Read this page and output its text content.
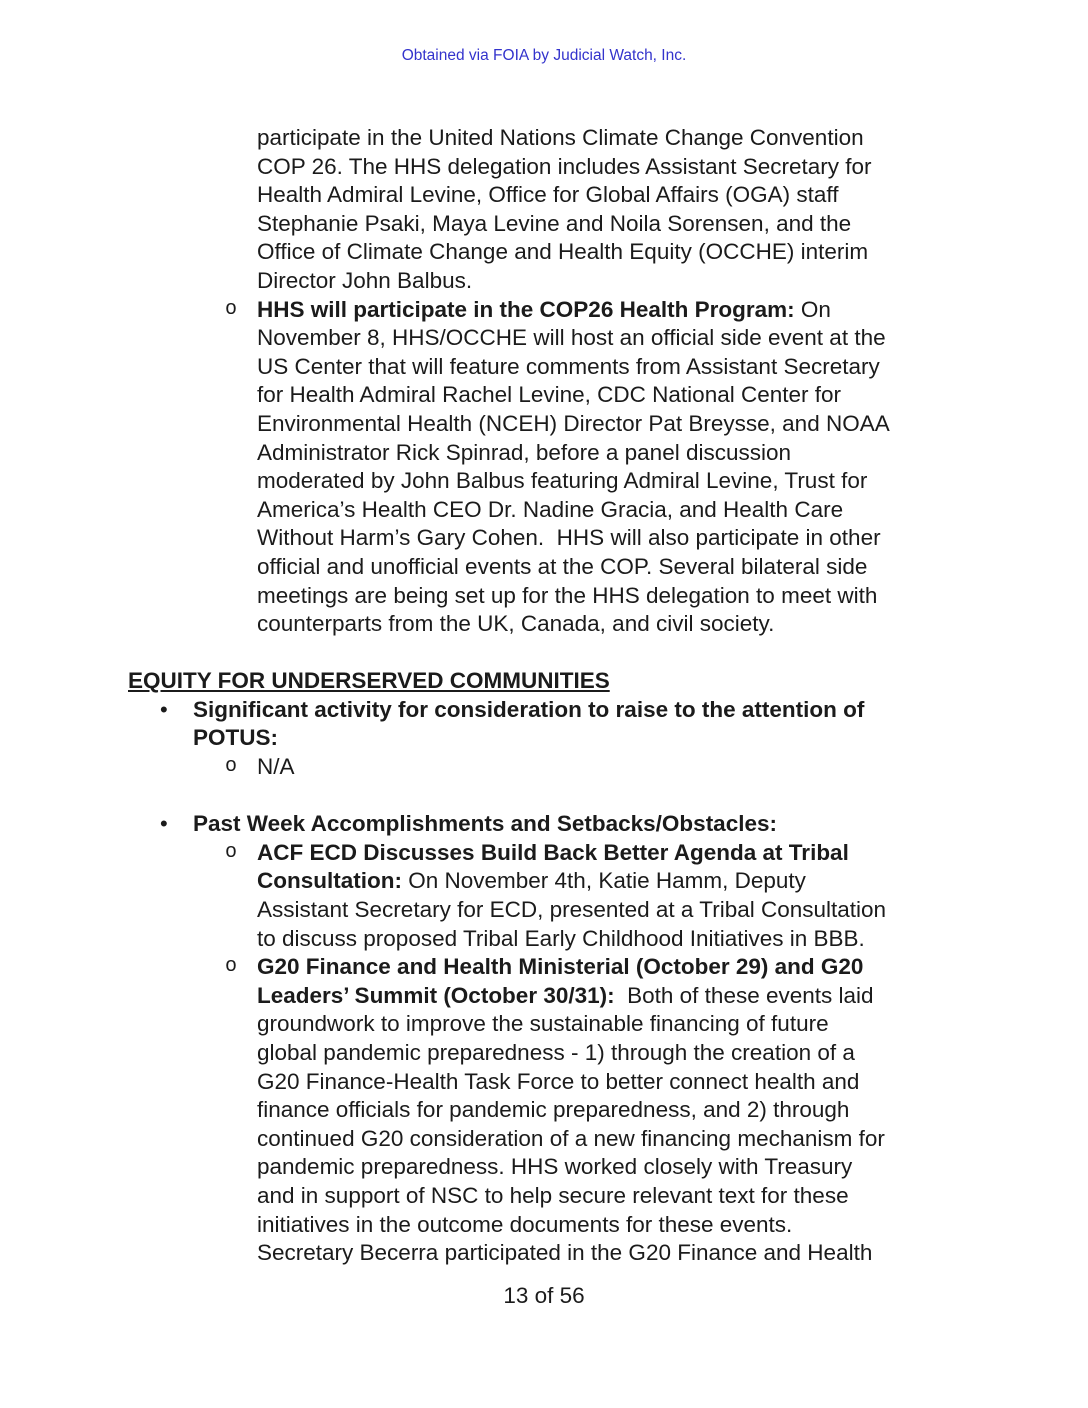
Obtained via FOIA by Judicial Watch, Inc.
participate in the United Nations Climate Change Convention
COP 26. The HHS delegation includes Assistant Secretary for
Health Admiral Levine, Office for Global Affairs (OGA) staff
Stephanie Psaki, Maya Levine and Noila Sorensen, and the
Office of Climate Change and Health Equity (OCCHE) interim
Director John Balbus.
o HHS will participate in the COP26 Health Program: On
November 8, HHS/OCCHE will host an official side event at the
US Center that will feature comments from Assistant Secretary
for Health Admiral Rachel Levine, CDC National Center for
Environmental Health (NCEH) Director Pat Breysse, and NOAA
Administrator Rick Spinrad, before a panel discussion
moderated by John Balbus featuring Admiral Levine, Trust for
America’s Health CEO Dr. Nadine Gracia, and Health Care
Without Harm’s Gary Cohen.  HHS will also participate in other
official and unofficial events at the COP. Several bilateral side
meetings are being set up for the HHS delegation to meet with
counterparts from the UK, Canada, and civil society.
EQUITY FOR UNDERSERVED COMMUNITIES
• Significant activity for consideration to raise to the attention of
POTUS:
o N/A
• Past Week Accomplishments and Setbacks/Obstacles:
o ACF ECD Discusses Build Back Better Agenda at Tribal
Consultation: On November 4th, Katie Hamm, Deputy
Assistant Secretary for ECD, presented at a Tribal Consultation
to discuss proposed Tribal Early Childhood Initiatives in BBB.
o G20 Finance and Health Ministerial (October 29) and G20
Leaders’ Summit (October 30/31):  Both of these events laid
groundwork to improve the sustainable financing of future
global pandemic preparedness - 1) through the creation of a
G20 Finance-Health Task Force to better connect health and
finance officials for pandemic preparedness, and 2) through
continued G20 consideration of a new financing mechanism for
pandemic preparedness. HHS worked closely with Treasury
and in support of NSC to help secure relevant text for these
initiatives in the outcome documents for these events.
Secretary Becerra participated in the G20 Finance and Health
13 of 56
